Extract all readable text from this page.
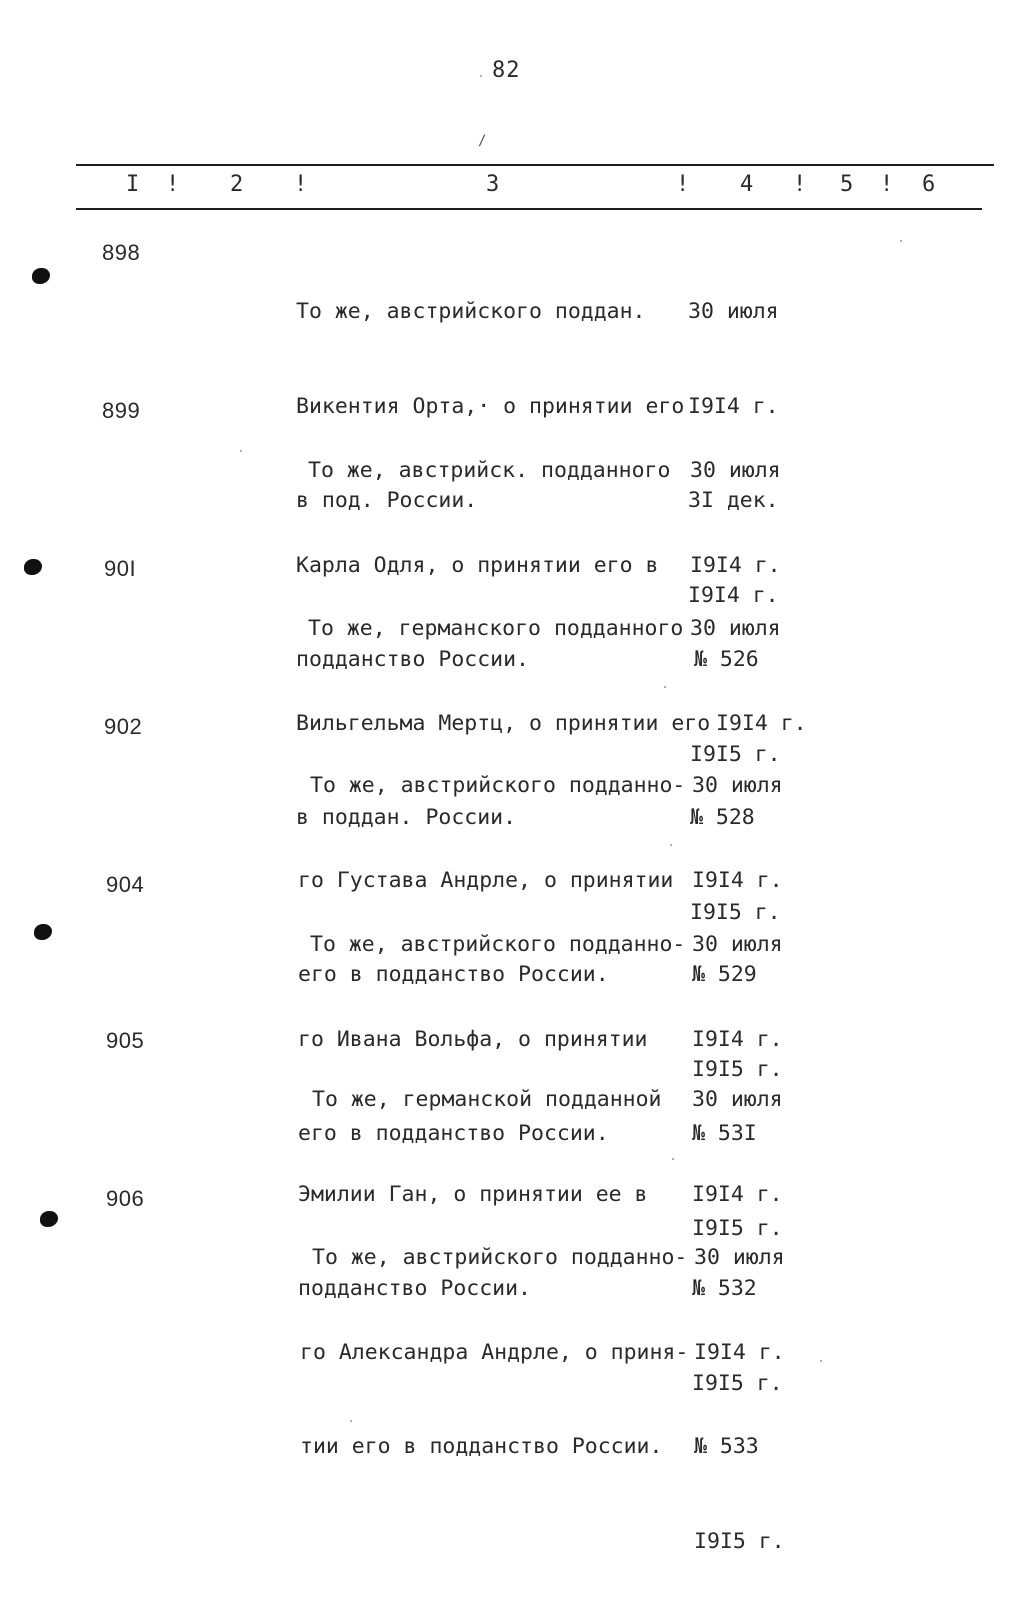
82
/
I ! 2 !	3	! 4 ! 5 ! 6
898

То же, австрийского поддан.

Викентия Орта,· о принятии его

в под. России.

30 июля

I9I4 г.

3I дек.

I9I4 г.

899

То же, австрийск. подданного

Карла Одля, о принятии его в

подданство России.

30 июля

I9I4 г.

№ 526

I9I5 г.

90I

То же, германского подданного

Вильгельма Мертц, о принятии его

в поддан. России.

30 июля

I9I4 г.

№ 528

I9I5 г.

902

То же, австрийского подданно-

го Густава Андрле, о принятии

его в подданство России.

30 июля

I9I4 г.

№ 529

I9I5 г.

904

То же, австрийского подданно-

го Ивана Вольфа, о принятии

его в подданство России.

30 июля

I9I4 г.

№ 53I

I9I5 г.

905

То же, германской подданной

Эмилии Ган, о принятии ее в

подданство России.

30 июля

I9I4 г.

№ 532

I9I5 г.

906

То же, австрийского подданно-

го Александра Андрле, о приня-

тии его в подданство России.

30 июля

I9I4 г.

№ 533

I9I5 г.
